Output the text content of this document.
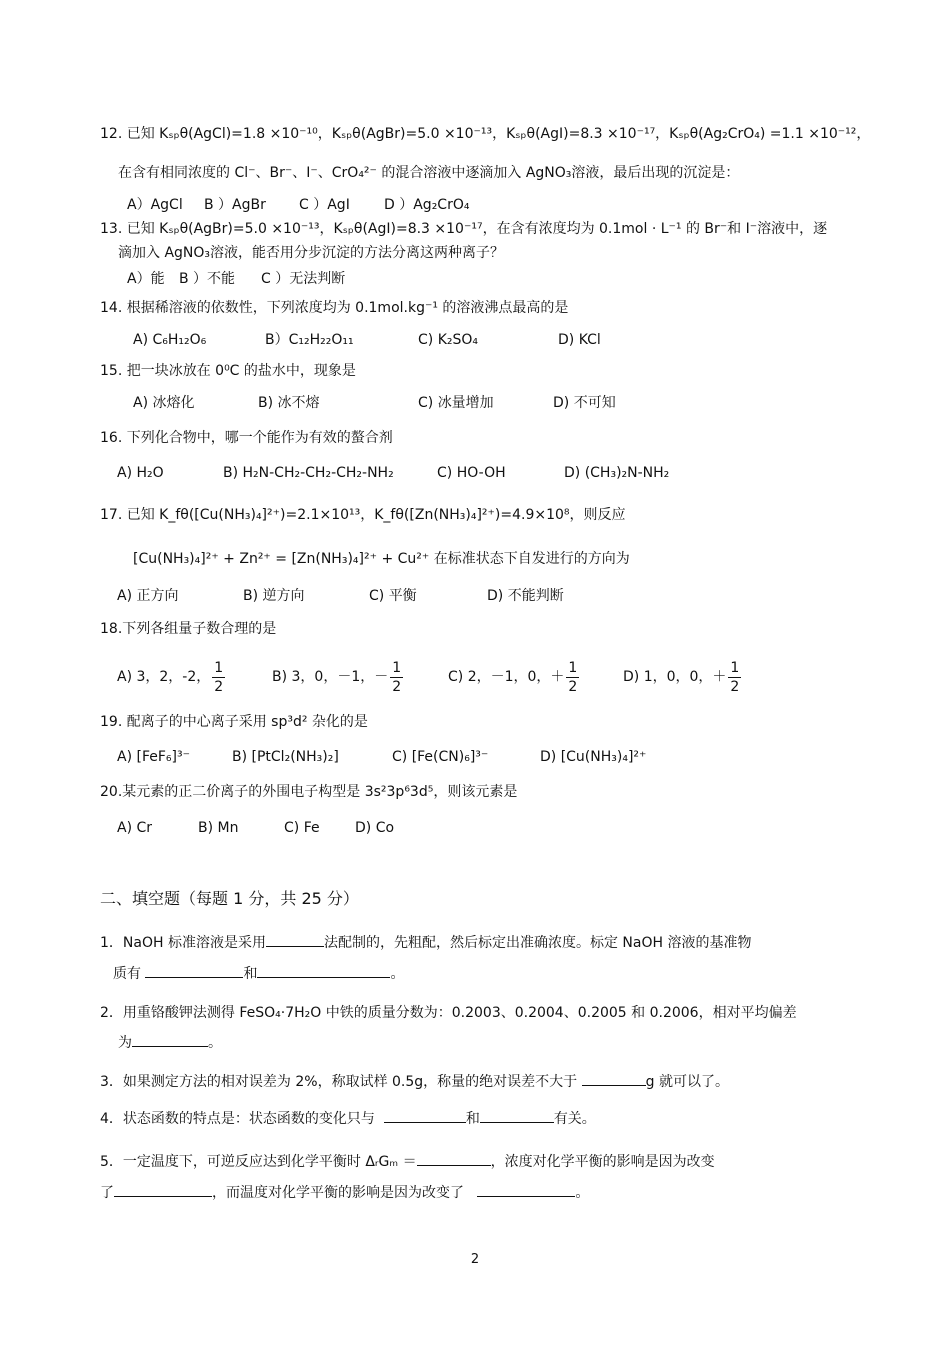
12. 已知 Kₛₚθ(AgCl)=1.8 ×10⁻¹⁰，Kₛₚθ(AgBr)=5.0 ×10⁻¹³，Kₛₚθ(AgI)=8.3 ×10⁻¹⁷，Kₛₚθ(Ag₂CrO₄) =1.1 ×10⁻¹²，
在含有相同浓度的 Cl⁻、Br⁻、I⁻、CrO₄²⁻ 的混合溶液中逐滴加入 AgNO₃溶液，最后出现的沉淀是：
A）AgCl B ）AgBr C ）AgI D ）Ag₂CrO₄
13. 已知 Kₛₚθ(AgBr)=5.0 ×10⁻¹³，Kₛₚθ(AgI)=8.3 ×10⁻¹⁷，在含有浓度均为 0.1mol · L⁻¹ 的 Br⁻和 I⁻溶液中，逐
滴加入 AgNO₃溶液，能否用分步沉淀的方法分离这两种离子？
A）能 B ）不能 C ）无法判断
14. 根据稀溶液的依数性，下列浓度均为 0.1mol.kg⁻¹ 的溶液沸点最高的是
A) C₆H₁₂O₆	B）C₁₂H₂₂O₁₁	C) K₂SO₄	D) KCl
15. 把一块冰放在 0⁰C 的盐水中，现象是
A) 冰熔化	B) 冰不熔	C) 冰量增加	D) 不可知
16. 下列化合物中，哪一个能作为有效的螯合剂
A) H₂O	B) H₂N-CH₂-CH₂-CH₂-NH₂	C) HO-OH	D) (CH₃)₂N-NH₂
17. 已知 K_fθ([Cu(NH₃)₄]²⁺)=2.1×10¹³，K_fθ([Zn(NH₃)₄]²⁺)=4.9×10⁸，则反应
[Cu(NH₃)₄]²⁺ + Zn²⁺ = [Zn(NH₃)₄]²⁺ + Cu²⁺ 在标准状态下自发进行的方向为
A) 正方向	B) 逆方向	C) 平衡	D) 不能判断
18.下列各组量子数合理的是
A) 3，2，-2， $\frac{1}{2}$	B) 3，0，－1，－ $\frac{1}{2}$	C) 2，－1，0，＋ $\frac{1}{2}$	D) 1，0，0，＋ $\frac{1}{2}$
19. 配离子的中心离子采用 sp³d² 杂化的是
A) [FeF₆]³⁻	B) [PtCl₂(NH₃)₂]	C) [Fe(CN)₆]³⁻	D) [Cu(NH₃)₄]²⁺
20.某元素的正二价离子的外围电子构型是 3s²3p⁶3d⁵，则该元素是
A) Cr	B) Mn	C) Fe	D) Co
二、填空题（每题 1 分，共 25 分）
1．NaOH 标准溶液是采用	法配制的，先粗配，然后标定出准确浓度。标定 NaOH 溶液的基准物
质有	和	。
2．用重铬酸钾法测得 FeSO₄·7H₂O 中铁的质量分数为：0.2003、0.2004、0.2005 和 0.2006，相对平均偏差
为	。
3．如果测定方法的相对误差为 2%，称取试样 0.5g，称量的绝对误差不大于	g 就可以了。
4．状态函数的特点是：状态函数的变化只与	和	有关。
5．一定温度下，可逆反应达到化学平衡时 ΔᵣGₘ ＝	，浓度对化学平衡的影响是因为改变
了	，而温度对化学平衡的影响是因为改变了	。
2
